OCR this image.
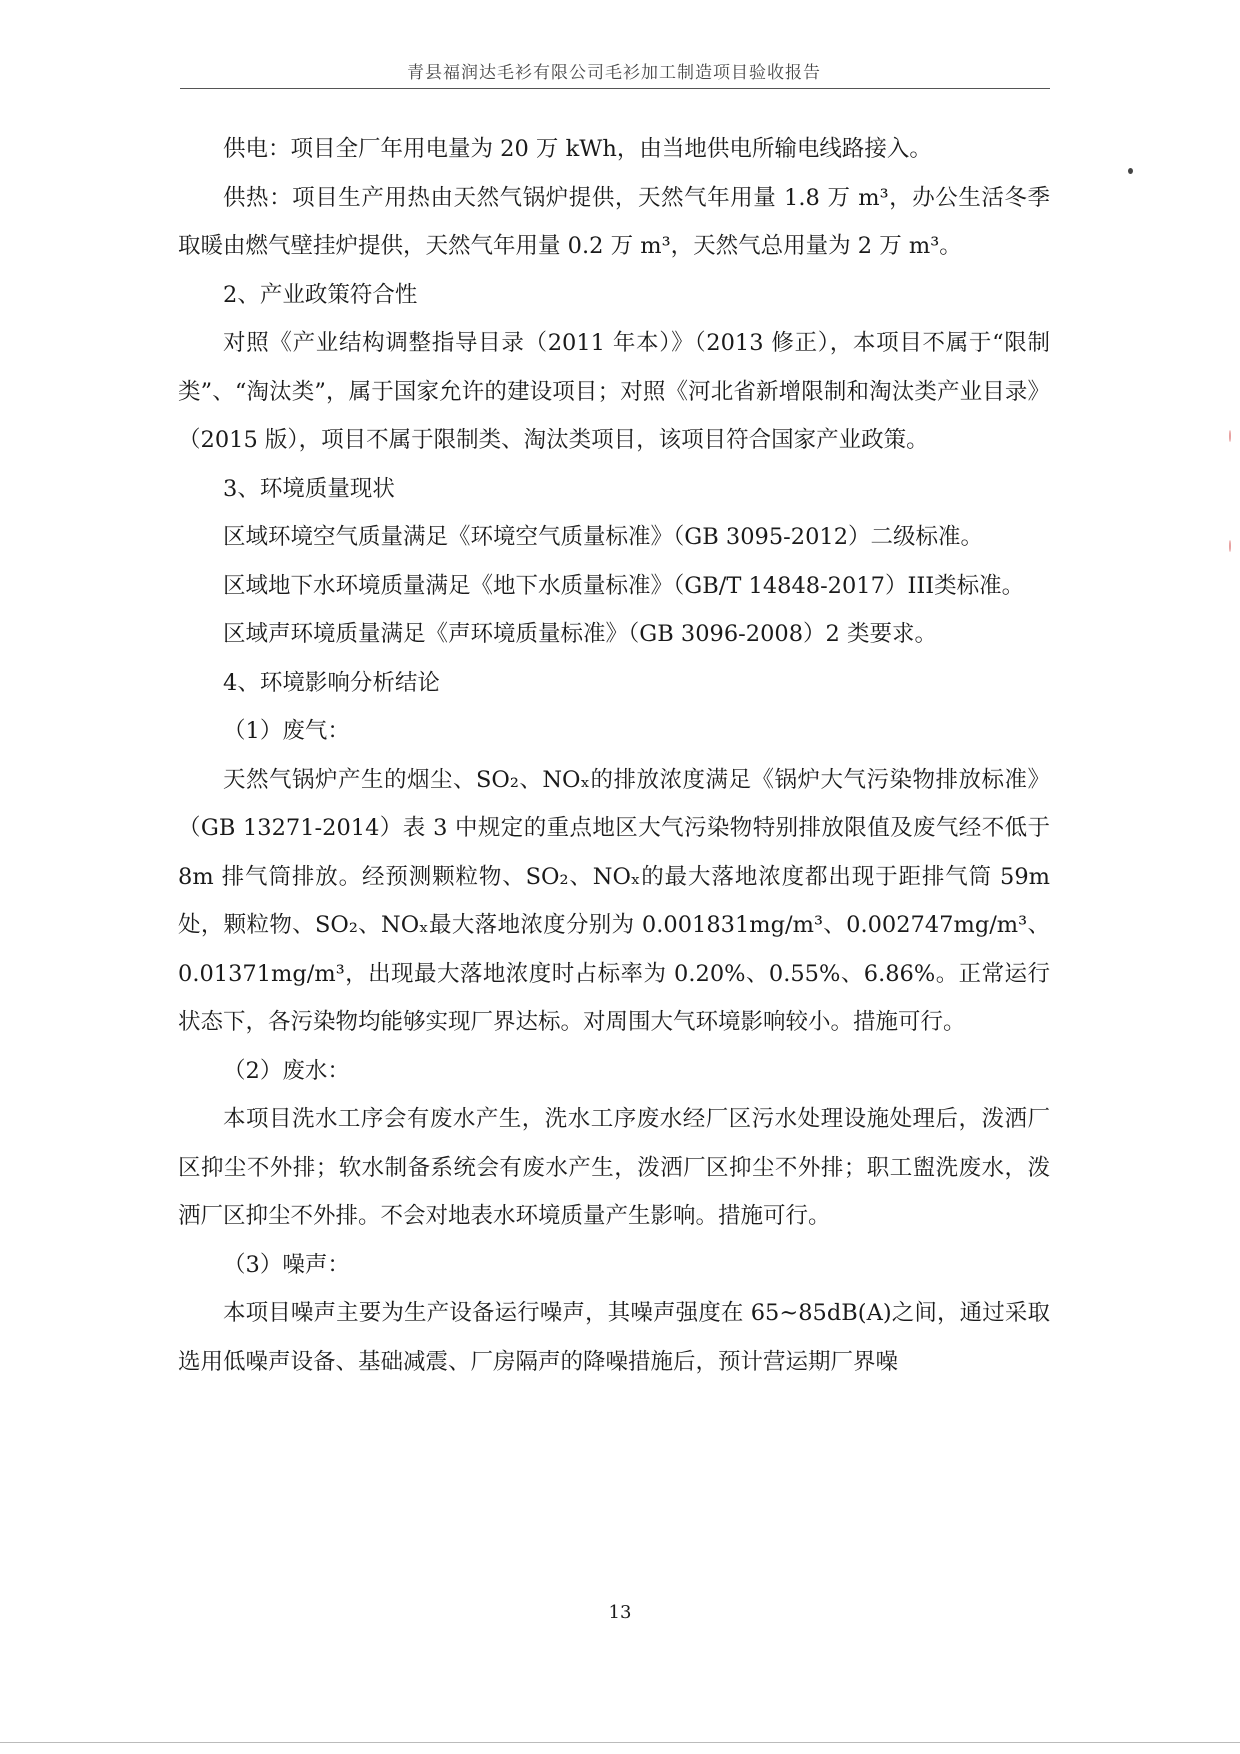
青县福润达毛衫有限公司毛衫加工制造项目验收报告

供电：项目全厂年用电量为 20 万 kWh，由当地供电所输电线路接入。

供热：项目生产用热由天然气锅炉提供，天然气年用量 1.8 万 m³，办公生活冬季取暖由燃气壁挂炉提供，天然气年用量 0.2 万 m³，天然气总用量为 2 万 m³。

2、产业政策符合性

对照《产业结构调整指导目录（2011 年本）》（2013 修正），本项目不属于“限制类”、“淘汰类”，属于国家允许的建设项目；对照《河北省新增限制和淘汰类产业目录》（2015 版），项目不属于限制类、淘汰类项目，该项目符合国家产业政策。

3、环境质量现状

区域环境空气质量满足《环境空气质量标准》（GB 3095-2012）二级标准。

区域地下水环境质量满足《地下水质量标准》（GB/T 14848-2017）III类标准。

区域声环境质量满足《声环境质量标准》（GB 3096-2008）2 类要求。

4、环境影响分析结论

（1）废气：

天然气锅炉产生的烟尘、SO₂、NOₓ的排放浓度满足《锅炉大气污染物排放标准》（GB 13271-2014）表 3 中规定的重点地区大气污染物特别排放限值及废气经不低于 8m 排气筒排放。经预测颗粒物、SO₂、NOₓ的最大落地浓度都出现于距排气筒 59m 处，颗粒物、SO₂、NOₓ最大落地浓度分别为 0.001831mg/m³、0.002747mg/m³、0.01371mg/m³，出现最大落地浓度时占标率为 0.20%、0.55%、6.86%。正常运行状态下，各污染物均能够实现厂界达标。对周围大气环境影响较小。措施可行。

（2）废水：

本项目洗水工序会有废水产生，洗水工序废水经厂区污水处理设施处理后，泼洒厂区抑尘不外排；软水制备系统会有废水产生，泼洒厂区抑尘不外排；职工盥洗废水，泼洒厂区抑尘不外排。不会对地表水环境质量产生影响。措施可行。

（3）噪声：

本项目噪声主要为生产设备运行噪声，其噪声强度在 65~85dB(A)之间，通过采取选用低噪声设备、基础减震、厂房隔声的降噪措施后，预计营运期厂界噪

13
